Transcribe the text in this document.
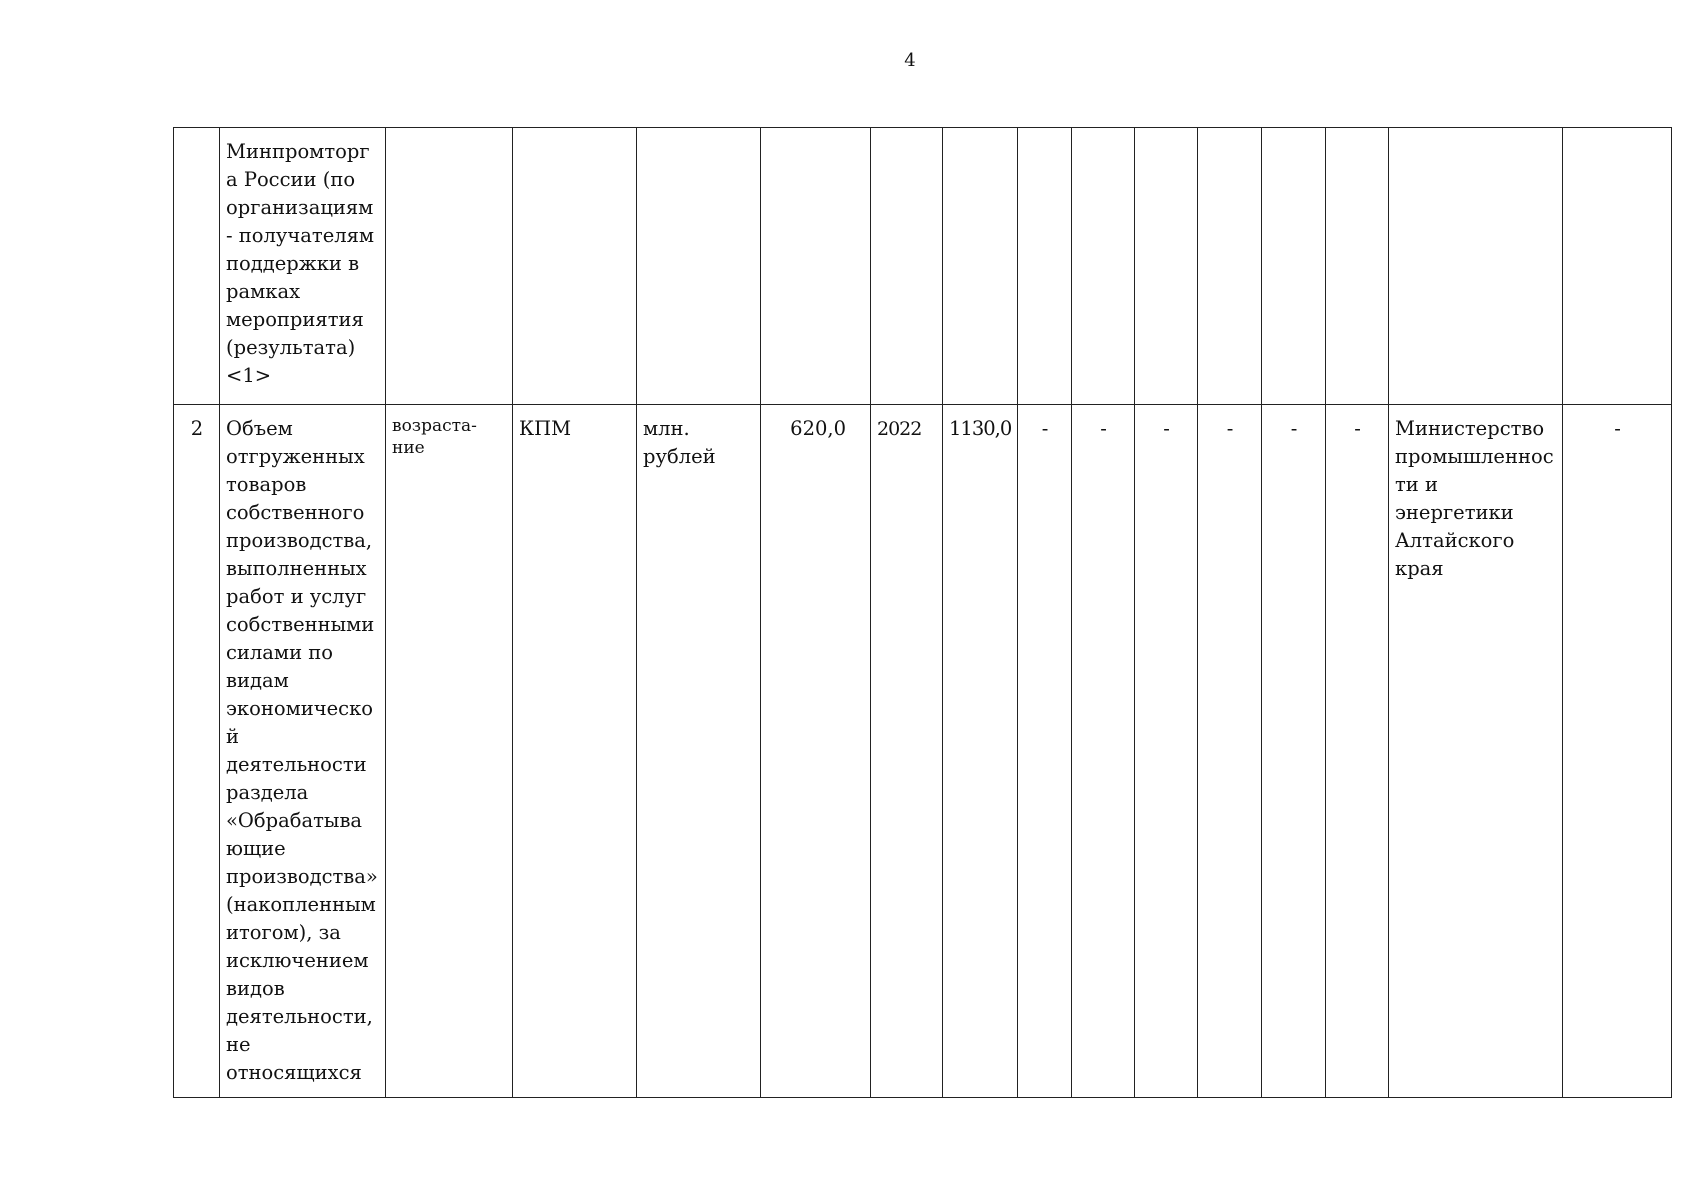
4
	Минпромторг а России (по организациям - получателям поддержки в рамках мероприятия (результата) <1>														
2	Объем отгруженных товаров собственного производства, выполненных работ и услуг собственными силами по видам экономическо й деятельности раздела «Обрабатыва ющие производства» (накопленным итогом), за исключением видов деятельности, не относящихся	возраста- ние	КПМ	млн. рублей	620,0	2022	1130,0	-	-	-	-	-	-	Министерство промышленнос ти и энергетики Алтайского края	-
